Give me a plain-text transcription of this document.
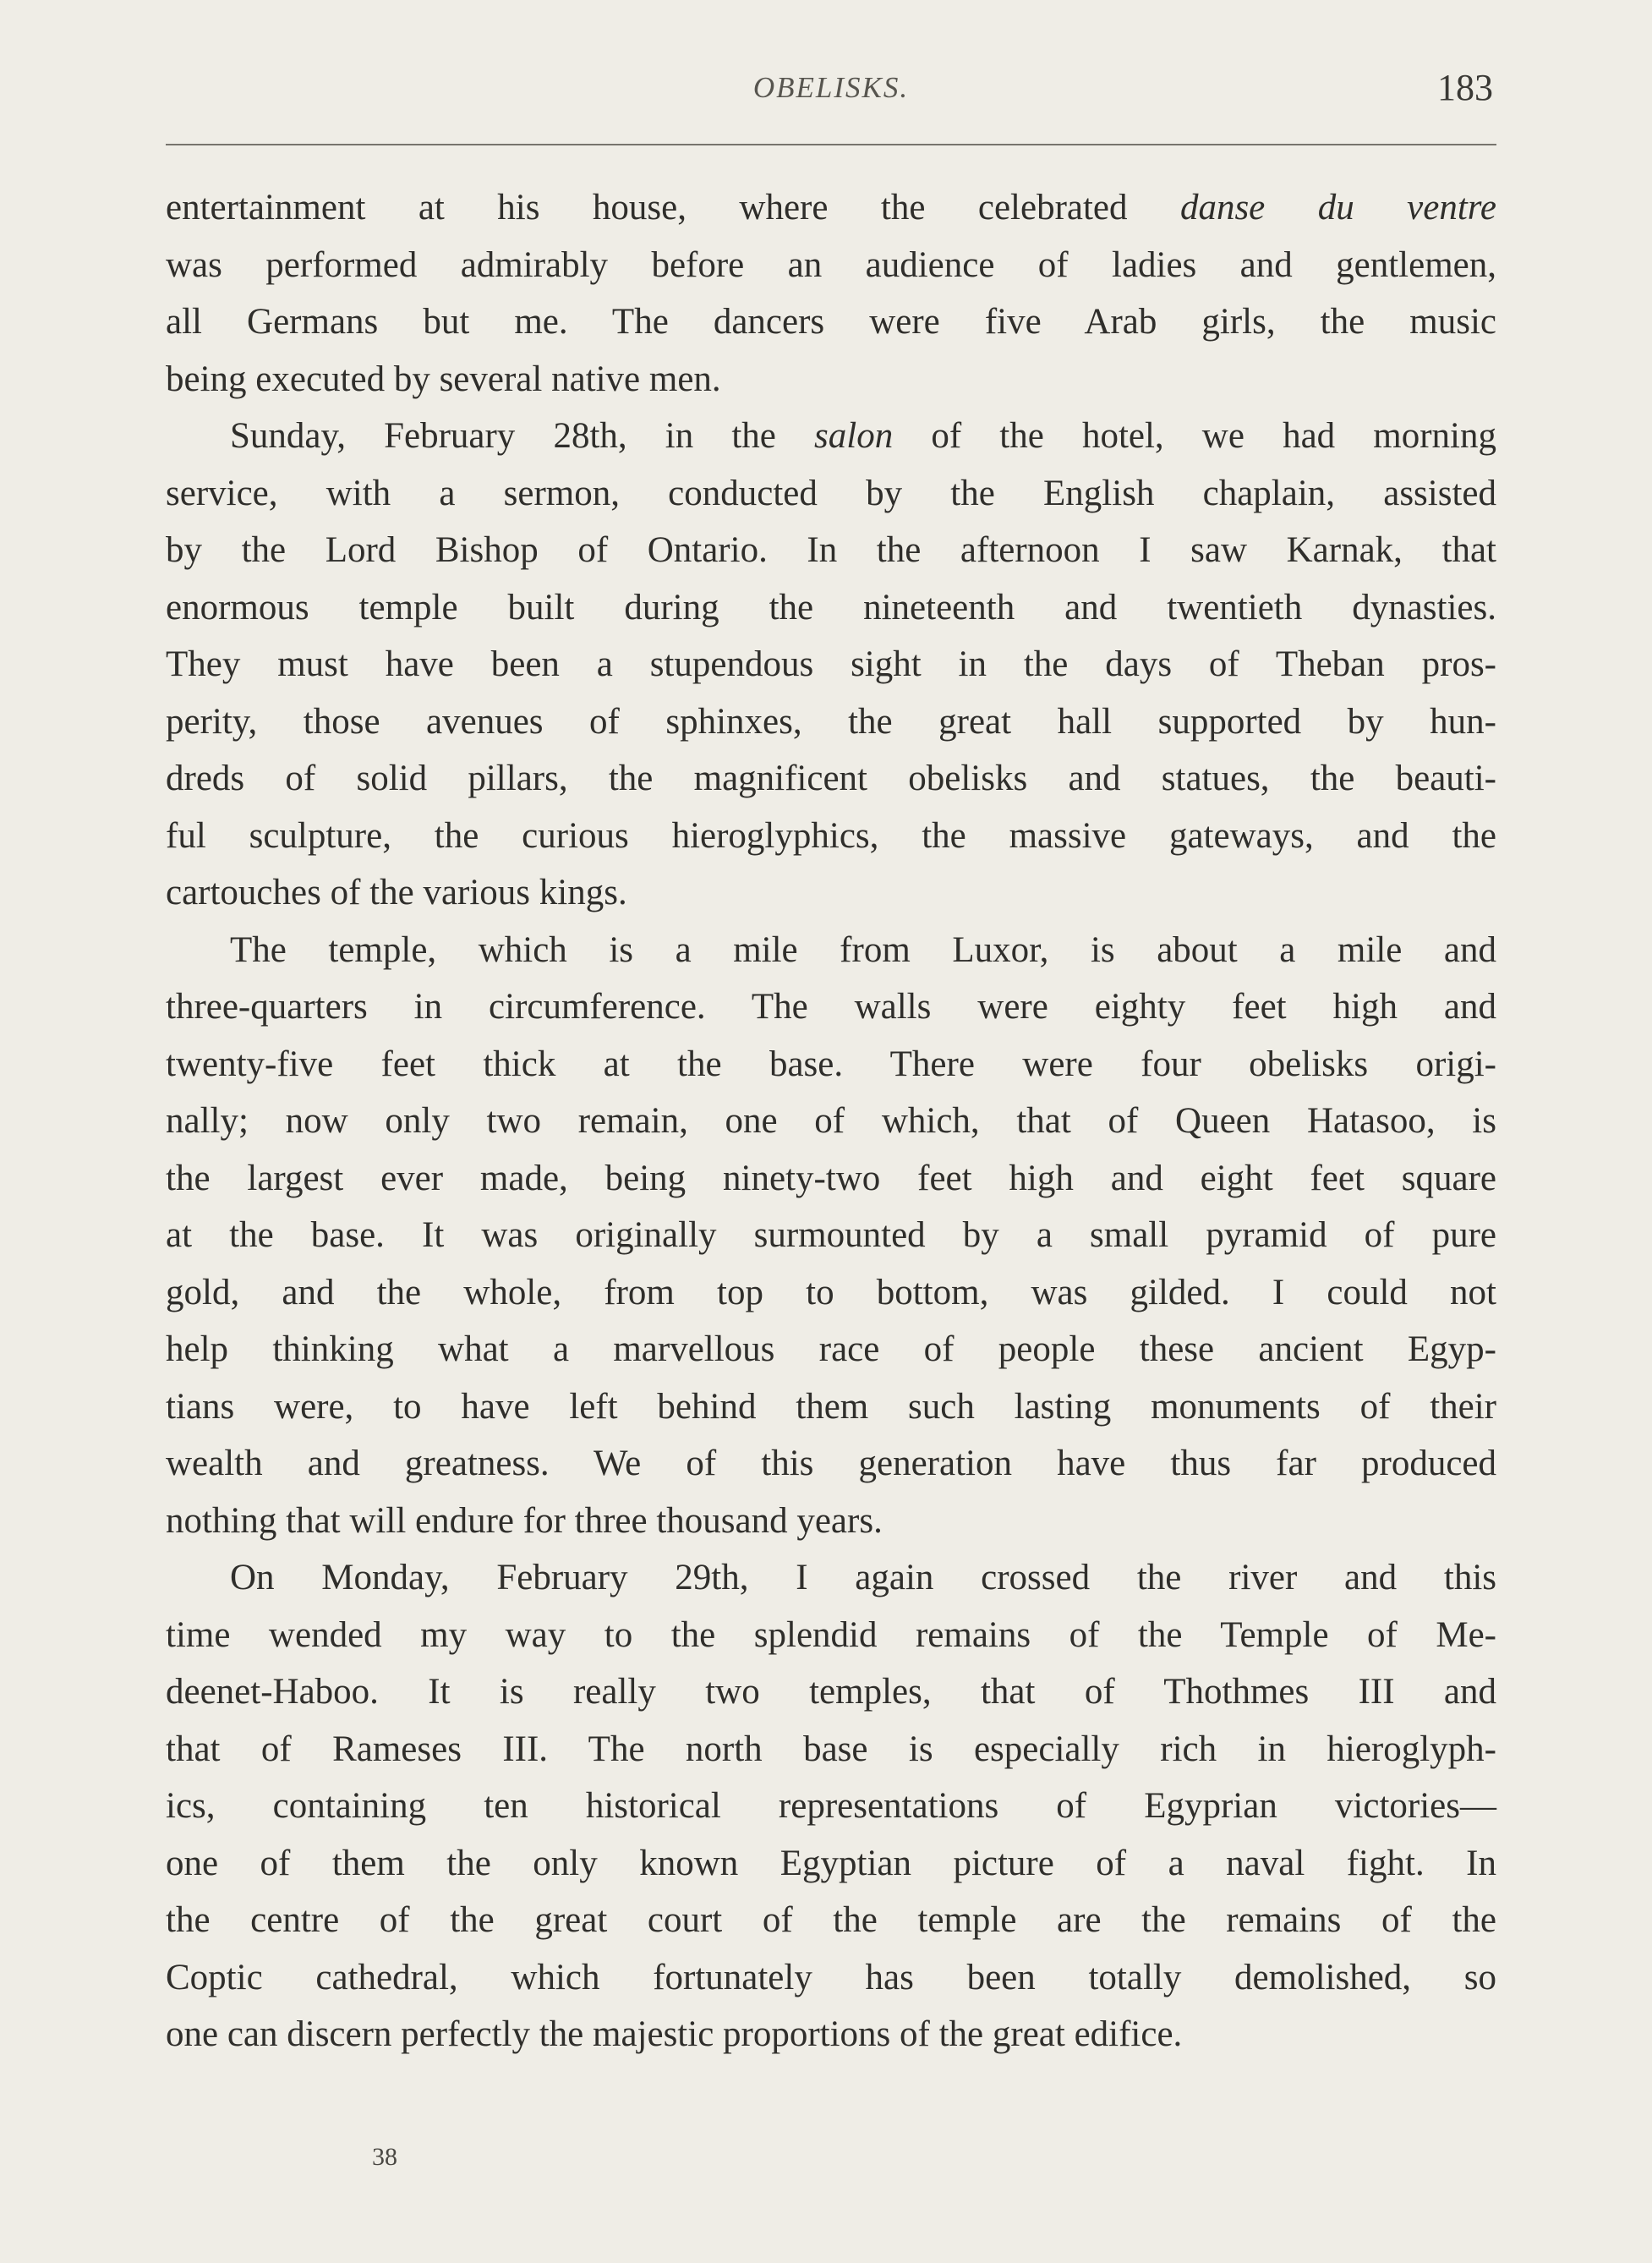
OBELISKS.	183
entertainment at his house, where the celebrated danse du ventre
was performed admirably before an audience of ladies and gentlemen,
all Germans but me. The dancers were five Arab girls, the music
being executed by several native men.
Sunday, February 28th, in the salon of the hotel, we had morning
service, with a sermon, conducted by the English chaplain, assisted
by the Lord Bishop of Ontario. In the afternoon I saw Karnak, that
enormous temple built during the nineteenth and twentieth dynasties.
They must have been a stupendous sight in the days of Theban pros-
perity, those avenues of sphinxes, the great hall supported by hun-
dreds of solid pillars, the magnificent obelisks and statues, the beauti-
ful sculpture, the curious hieroglyphics, the massive gateways, and the
cartouches of the various kings.
The temple, which is a mile from Luxor, is about a mile and
three-quarters in circumference. The walls were eighty feet high and
twenty-five feet thick at the base. There were four obelisks origi-
nally; now only two remain, one of which, that of Queen Hatasoo, is
the largest ever made, being ninety-two feet high and eight feet square
at the base. It was originally surmounted by a small pyramid of pure
gold, and the whole, from top to bottom, was gilded. I could not
help thinking what a marvellous race of people these ancient Egyp-
tians were, to have left behind them such lasting monuments of their
wealth and greatness. We of this generation have thus far produced
nothing that will endure for three thousand years.
On Monday, February 29th, I again crossed the river and this
time wended my way to the splendid remains of the Temple of Me-
deenet-Haboo. It is really two temples, that of Thothmes III and
that of Rameses III. The north base is especially rich in hieroglyph-
ics, containing ten historical representations of Egyprian victories—
one of them the only known Egyptian picture of a naval fight. In
the centre of the great court of the temple are the remains of the
Coptic cathedral, which fortunately has been totally demolished, so
one can discern perfectly the majestic proportions of the great edifice.
38
